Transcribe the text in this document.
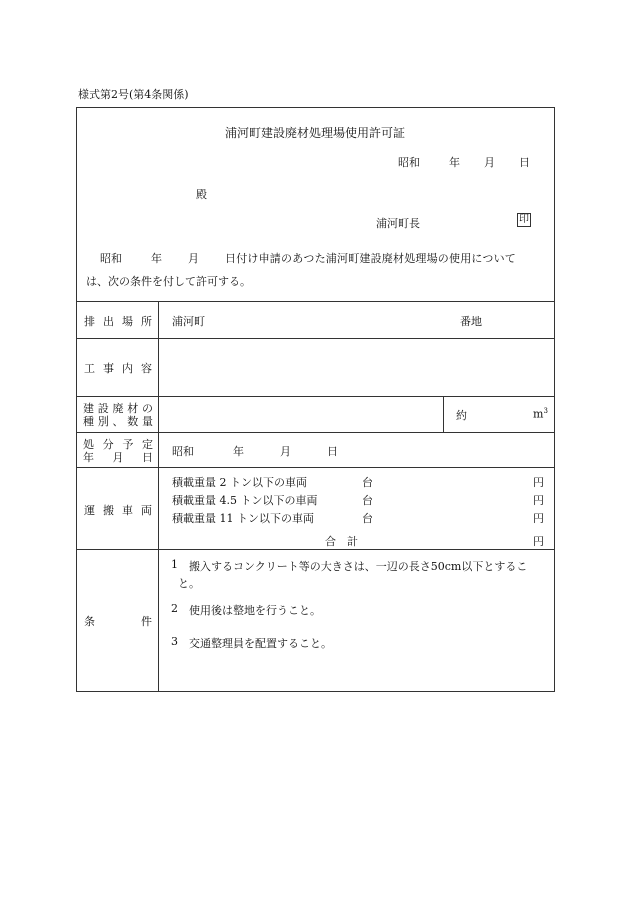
様式第2号(第4条関係)
浦河町建設廃材処理場使用許可証
昭和	年 月 日
殿
浦河町長	印
昭和	年 月 日付け申請のあつた浦河町建設廃材処理場の使用について
は、次の条件を付して許可する。
排 出 場 所 浦河町	番地
工 事 内 容
建 設 廃 材 の
種 別 、 数 量	約	$m^3$
処 分 予 定
年 月 日 昭和	年	月	日
運 搬 車 両
積載重量 2 トン以下の車両	台	円
積載重量 4.5 トン以下の車両	台	円
積載重量 11 トン以下の車両	台	円
合　計	円
条	件
1 搬入するコンクリート等の大きさは、一辺の長さ50cm以下とするこ
と。
2 使用後は整地を行うこと。
3 交通整理員を配置すること。
